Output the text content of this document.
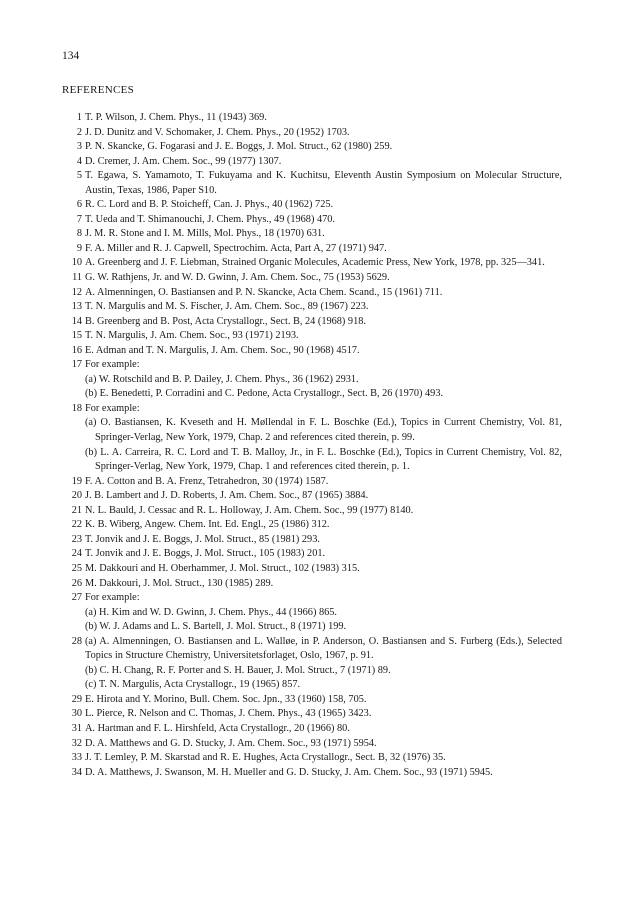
134
REFERENCES
1 T. P. Wilson, J. Chem. Phys., 11 (1943) 369.
2 J. D. Dunitz and V. Schomaker, J. Chem. Phys., 20 (1952) 1703.
3 P. N. Skancke, G. Fogarasi and J. E. Boggs, J. Mol. Struct., 62 (1980) 259.
4 D. Cremer, J. Am. Chem. Soc., 99 (1977) 1307.
5 T. Egawa, S. Yamamoto, T. Fukuyama and K. Kuchitsu, Eleventh Austin Symposium on Molecular Structure, Austin, Texas, 1986, Paper S10.
6 R. C. Lord and B. P. Stoicheff, Can. J. Phys., 40 (1962) 725.
7 T. Ueda and T. Shimanouchi, J. Chem. Phys., 49 (1968) 470.
8 J. M. R. Stone and I. M. Mills, Mol. Phys., 18 (1970) 631.
9 F. A. Miller and R. J. Capwell, Spectrochim. Acta, Part A, 27 (1971) 947.
10 A. Greenberg and J. F. Liebman, Strained Organic Molecules, Academic Press, New York, 1978, pp. 325—341.
11 G. W. Rathjens, Jr. and W. D. Gwinn, J. Am. Chem. Soc., 75 (1953) 5629.
12 A. Almenningen, O. Bastiansen and P. N. Skancke, Acta Chem. Scand., 15 (1961) 711.
13 T. N. Margulis and M. S. Fischer, J. Am. Chem. Soc., 89 (1967) 223.
14 B. Greenberg and B. Post, Acta Crystallogr., Sect. B, 24 (1968) 918.
15 T. N. Margulis, J. Am. Chem. Soc., 93 (1971) 2193.
16 E. Adman and T. N. Margulis, J. Am. Chem. Soc., 90 (1968) 4517.
17 For example:
(a) W. Rotschild and B. P. Dailey, J. Chem. Phys., 36 (1962) 2931.
(b) E. Benedetti, P. Corradini and C. Pedone, Acta Crystallogr., Sect. B, 26 (1970) 493.
18 For example:
(a) O. Bastiansen, K. Kveseth and H. Møllendal in F. L. Boschke (Ed.), Topics in Current Chemistry, Vol. 81, Springer-Verlag, New York, 1979, Chap. 2 and references cited therein, p. 99.
(b) L. A. Carreira, R. C. Lord and T. B. Malloy, Jr., in F. L. Boschke (Ed.), Topics in Current Chemistry, Vol. 82, Springer-Verlag, New York, 1979, Chap. 1 and references cited therein, p. 1.
19 F. A. Cotton and B. A. Frenz, Tetrahedron, 30 (1974) 1587.
20 J. B. Lambert and J. D. Roberts, J. Am. Chem. Soc., 87 (1965) 3884.
21 N. L. Bauld, J. Cessac and R. L. Holloway, J. Am. Chem. Soc., 99 (1977) 8140.
22 K. B. Wiberg, Angew. Chem. Int. Ed. Engl., 25 (1986) 312.
23 T. Jonvik and J. E. Boggs, J. Mol. Struct., 85 (1981) 293.
24 T. Jonvik and J. E. Boggs, J. Mol. Struct., 105 (1983) 201.
25 M. Dakkouri and H. Oberhammer, J. Mol. Struct., 102 (1983) 315.
26 M. Dakkouri, J. Mol. Struct., 130 (1985) 289.
27 For example:
(a) H. Kim and W. D. Gwinn, J. Chem. Phys., 44 (1966) 865.
(b) W. J. Adams and L. S. Bartell, J. Mol. Struct., 8 (1971) 199.
28 (a) A. Almenningen, O. Bastiansen and L. Walløe, in P. Anderson, O. Bastiansen and S. Furberg (Eds.), Selected Topics in Structure Chemistry, Universitetsforlaget, Oslo, 1967, p. 91.
(b) C. H. Chang, R. F. Porter and S. H. Bauer, J. Mol. Struct., 7 (1971) 89.
(c) T. N. Margulis, Acta Crystallogr., 19 (1965) 857.
29 E. Hirota and Y. Morino, Bull. Chem. Soc. Jpn., 33 (1960) 158, 705.
30 L. Pierce, R. Nelson and C. Thomas, J. Chem. Phys., 43 (1965) 3423.
31 A. Hartman and F. L. Hirshfeld, Acta Crystallogr., 20 (1966) 80.
32 D. A. Matthews and G. D. Stucky, J. Am. Chem. Soc., 93 (1971) 5954.
33 J. T. Lemley, P. M. Skarstad and R. E. Hughes, Acta Crystallogr., Sect. B, 32 (1976) 35.
34 D. A. Matthews, J. Swanson, M. H. Mueller and G. D. Stucky, J. Am. Chem. Soc., 93 (1971) 5945.
